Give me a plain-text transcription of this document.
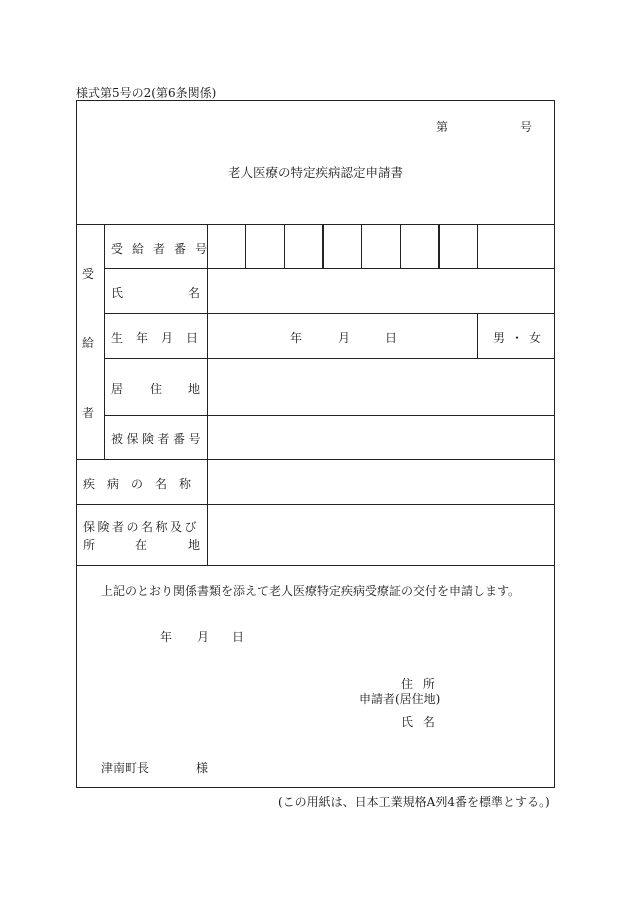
様式第5号の2(第6条関係)
第	号
老人医療の特定疾病認定申請書
受
給
者
受給者番号
氏	名
生年月日	年	月	日	男・女
居 住 地
被保険者番号
疾病の名称
保険者の名称及び
所	在	地
上記のとおり関係書類を添えて老人医療特定疾病受療証の交付を申請します。
年 月 日
住 所
申請者(居住地)
氏 名
津南町長	様
(この用紙は、日本工業規格A列4番を標準とする。)
